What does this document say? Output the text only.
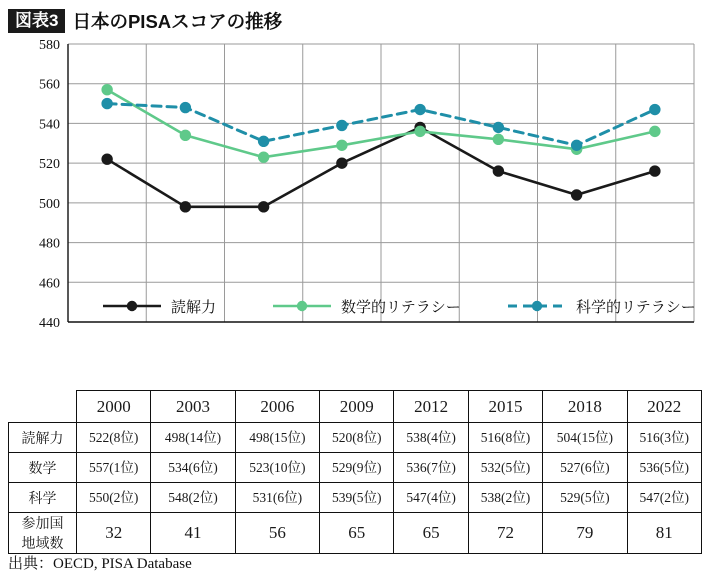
図表3 日本のPISAスコアの推移
440
460
480
500
520
540
560
580
読解力	数学的リテラシー	科学的リテラシー
	2000	2003	2006	2009	2012	2015	2018	2022
読解力	522(8位)	498(14位)	498(15位)	520(8位)	538(4位)	516(8位)	504(15位)	516(3位)
数学	557(1位)	534(6位)	523(10位)	529(9位)	536(7位)	532(5位)	527(6位)	536(5位)
科学	550(2位)	548(2位)	531(6位)	539(5位)	547(4位)	538(2位)	529(5位)	547(2位)

参加国
地域数	32	41	56	65	65	72	79	81
出典：OECD, PISA Database
